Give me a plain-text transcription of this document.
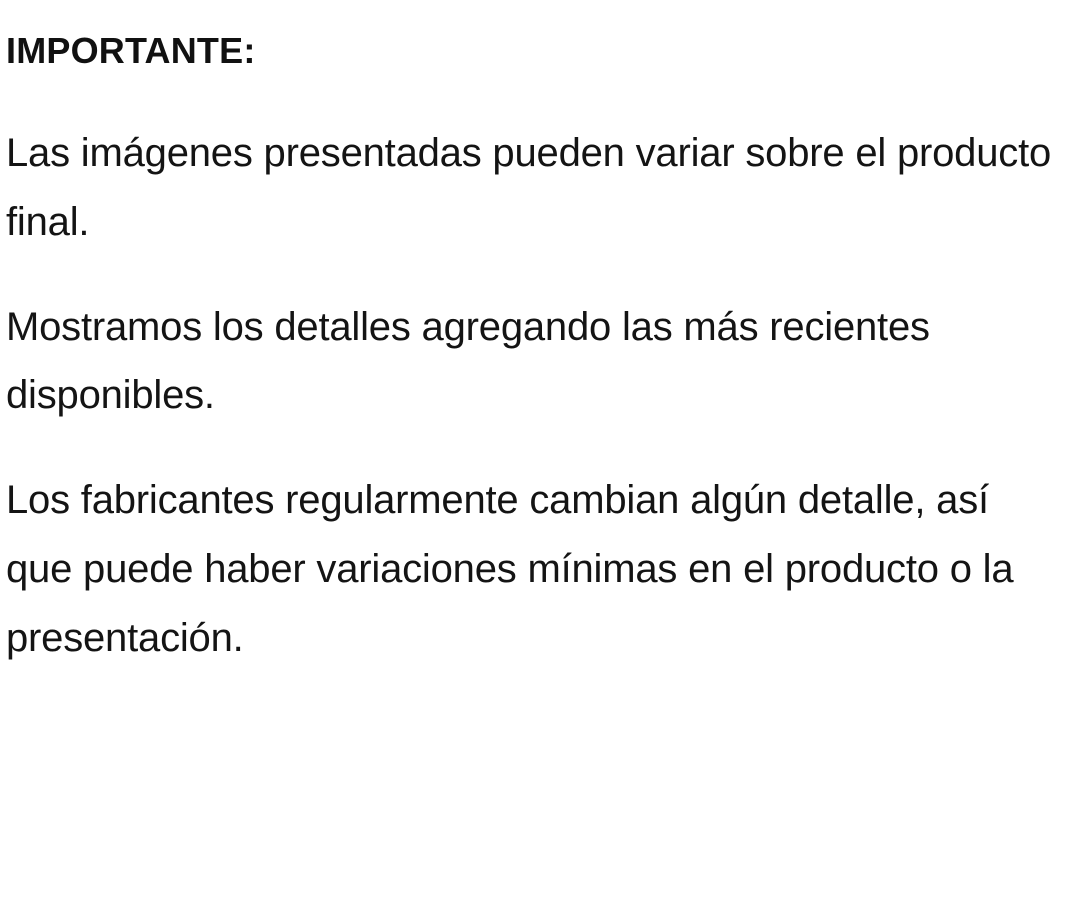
IMPORTANTE:

Las imágenes presentadas pueden variar sobre el producto final.

Mostramos los detalles agregando las más recientes disponibles.

Los fabricantes regularmente cambian algún detalle, así que puede haber variaciones mínimas en el producto o la presentación.
